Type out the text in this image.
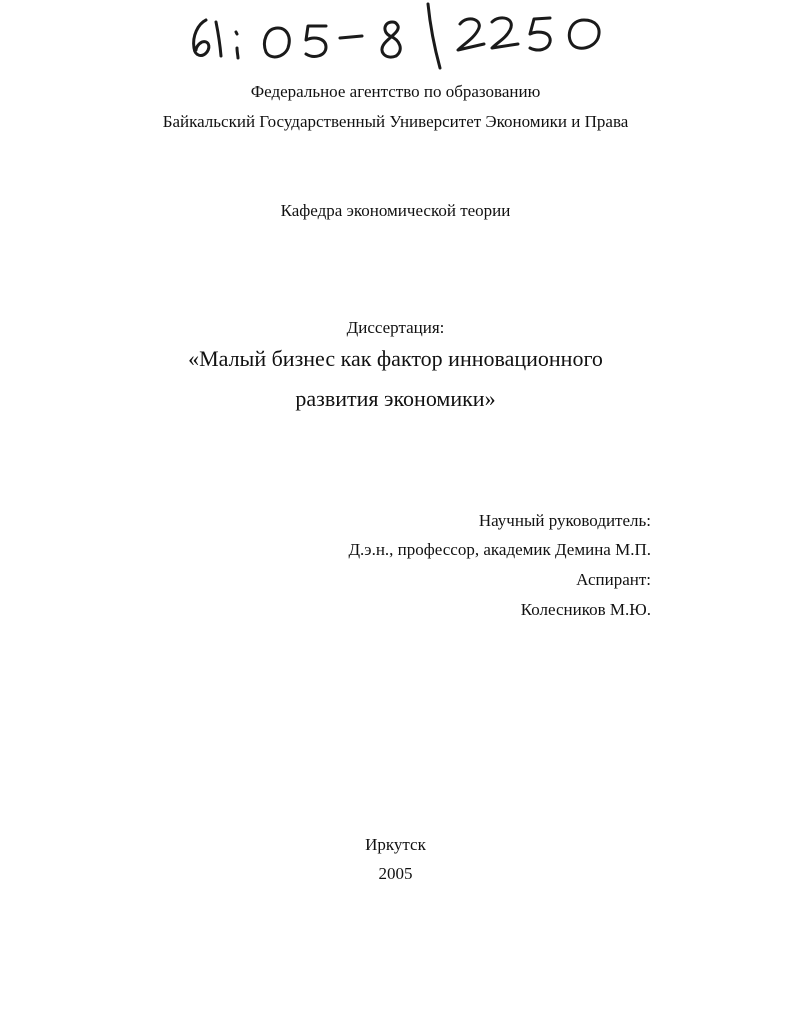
Федеральное агентство по образованию
Байкальский Государственный Университет Экономики и Права
Кафедра экономической теории
Диссертация:
«Малый бизнес как фактор инновационного
развития экономики»
Научный руководитель:
Д.э.н., профессор, академик Демина М.П.
Аспирант:
Колесников М.Ю.
Иркутск
2005
